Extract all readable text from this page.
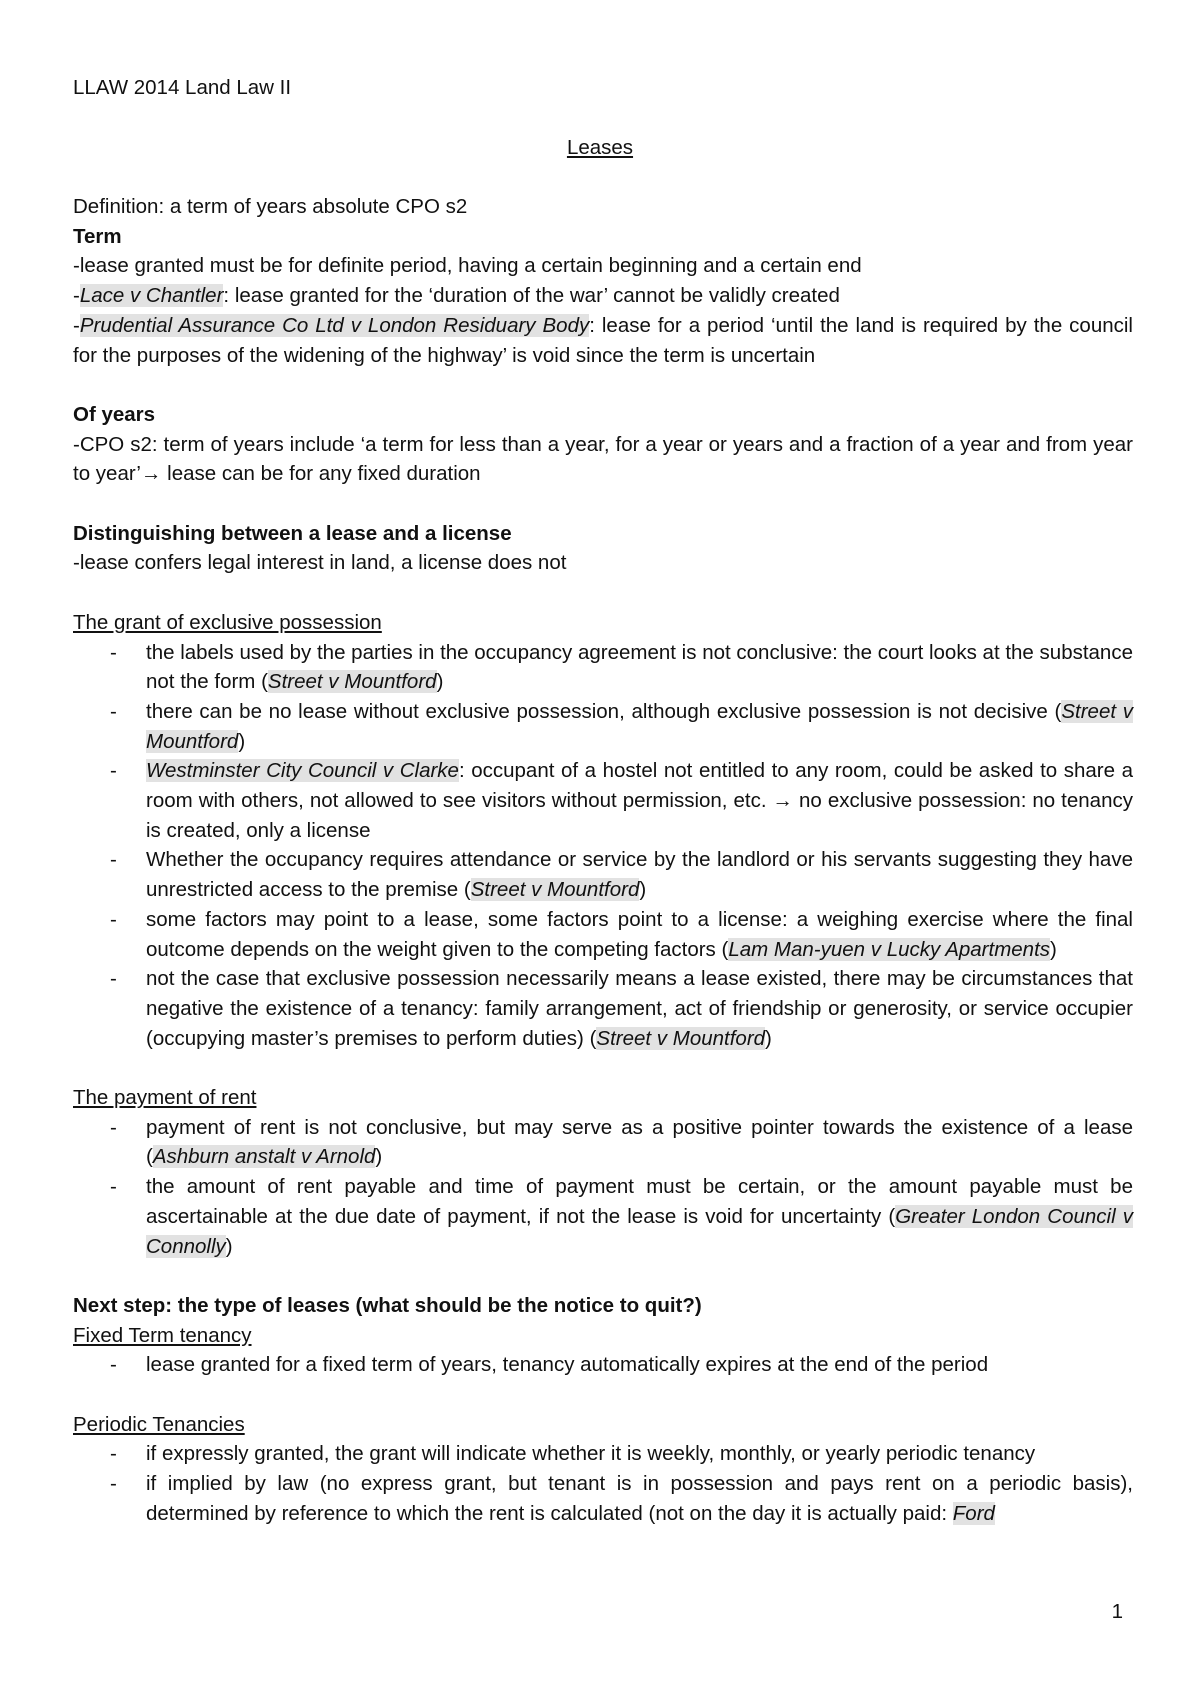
LLAW 2014 Land Law II
Leases

Definition: a term of years absolute CPO s2

Term

-lease granted must be for definite period, having a certain beginning and a certain end

-Lace v Chantler: lease granted for the ‘duration of the war’ cannot be validly created

-Prudential Assurance Co Ltd v London Residuary Body: lease for a period ‘until the land is required by the council for the purposes of the widening of the highway’ is void since the term is uncertain

Of years

-CPO s2: term of years include ‘a term for less than a year, for a year or years and a fraction of a year and from year to year’→ lease can be for any fixed duration

Distinguishing between a lease and a license

-lease confers legal interest in land, a license does not

The grant of exclusive possession

- the labels used by the parties in the occupancy agreement is not conclusive: the court looks at the substance not the form (Street v Mountford)
- there can be no lease without exclusive possession, although exclusive possession is not decisive (Street v Mountford)
- Westminster City Council v Clarke: occupant of a hostel not entitled to any room, could be asked to share a room with others, not allowed to see visitors without permission, etc. → no exclusive possession: no tenancy is created, only a license
- Whether the occupancy requires attendance or service by the landlord or his servants suggesting they have unrestricted access to the premise (Street v Mountford)
- some factors may point to a lease, some factors point to a license: a weighing exercise where the final outcome depends on the weight given to the competing factors (Lam Man-yuen v Lucky Apartments)
- not the case that exclusive possession necessarily means a lease existed, there may be circumstances that negative the existence of a tenancy: family arrangement, act of friendship or generosity, or service occupier (occupying master’s premises to perform duties) (Street v Mountford)

The payment of rent

- payment of rent is not conclusive, but may serve as a positive pointer towards the existence of a lease (Ashburn anstalt v Arnold)
- the amount of rent payable and time of payment must be certain, or the amount payable must be ascertainable at the due date of payment, if not the lease is void for uncertainty (Greater London Council v Connolly)

Next step: the type of leases (what should be the notice to quit?)

Fixed Term tenancy

- lease granted for a fixed term of years, tenancy automatically expires at the end of the period

Periodic Tenancies

- if expressly granted, the grant will indicate whether it is weekly, monthly, or yearly periodic tenancy
- if implied by law (no express grant, but tenant is in possession and pays rent on a periodic basis), determined by reference to which the rent is calculated (not on the day it is actually paid: Ford
1
